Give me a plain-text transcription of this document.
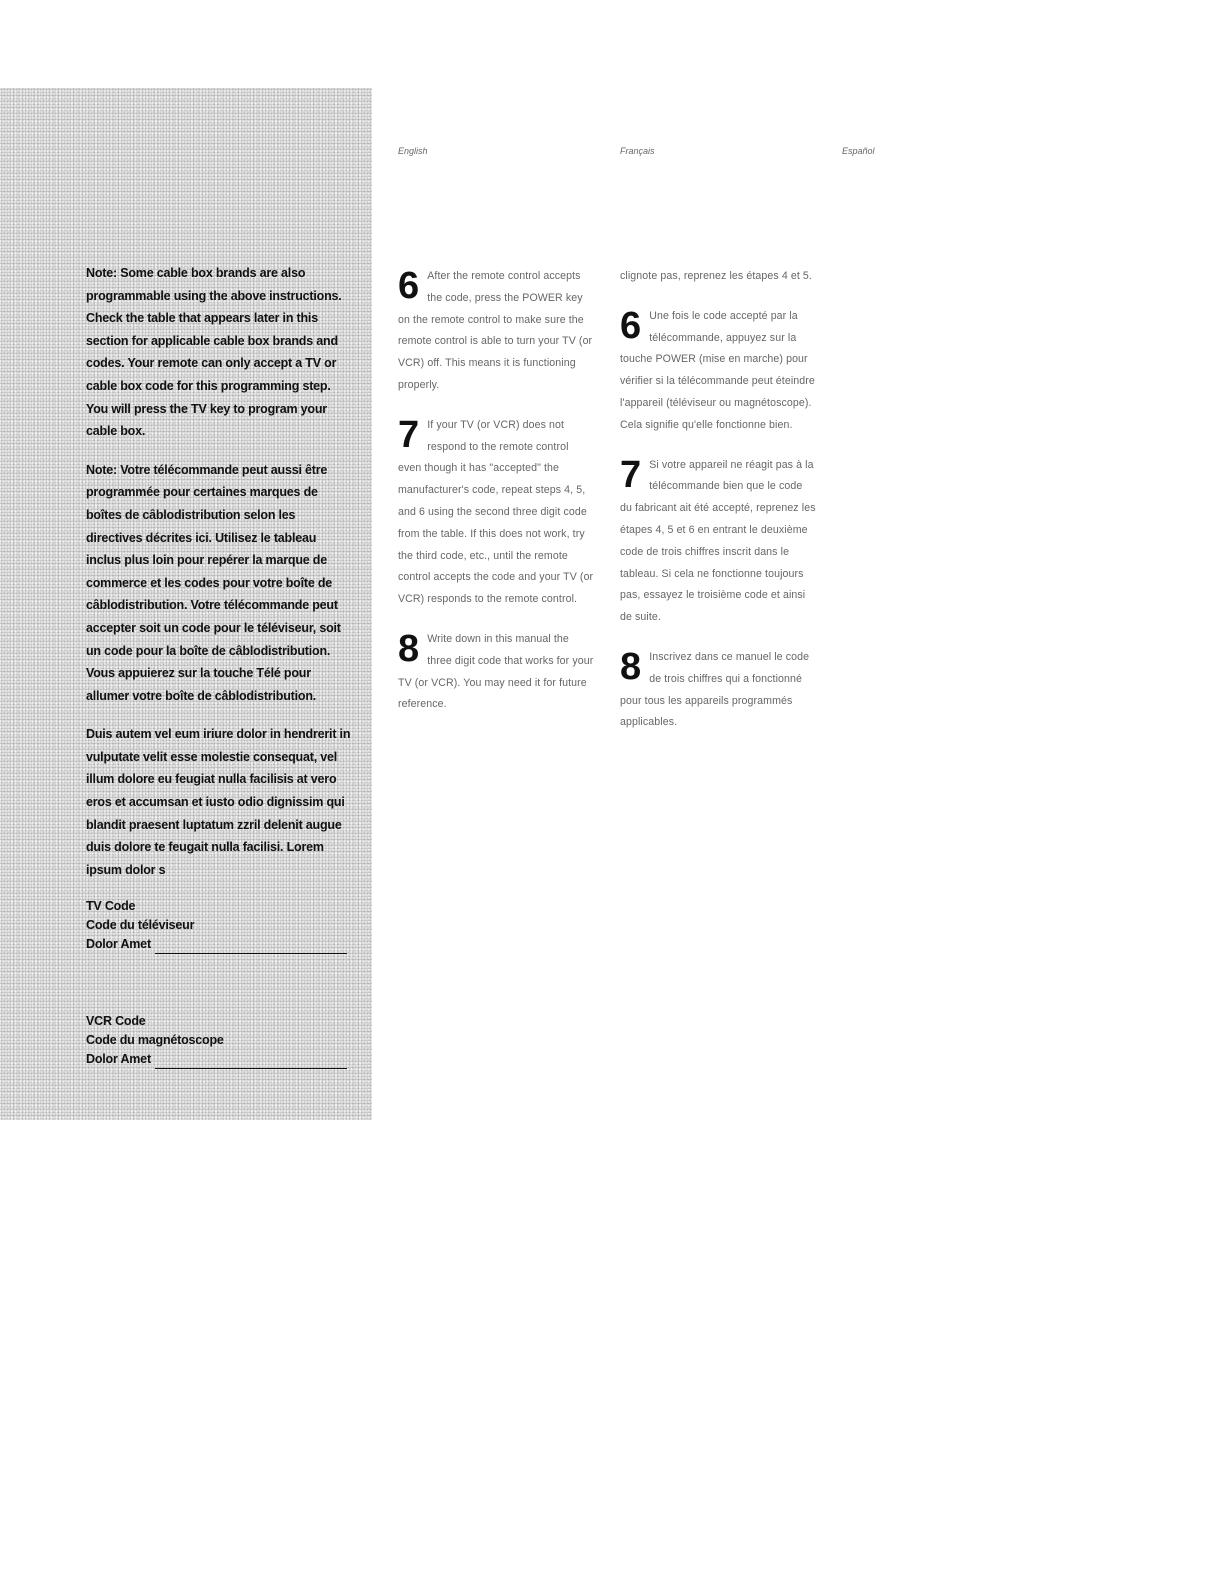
Note: Some cable box brands are also programmable using the above instructions. Check the table that appears later in this section for applicable cable box brands and codes. Your remote can only accept a TV or cable box code for this programming step. You will press the TV key to program your cable box.

Note: Votre télécommande peut aussi être programmée pour certaines marques de boîtes de câblodistribution selon les directives décrites ici. Utilisez le tableau inclus plus loin pour repérer la marque de commerce et les codes pour votre boîte de câblodistribution. Votre télécommande peut accepter soit un code pour le téléviseur, soit un code pour la boîte de câblodistribution. Vous appuierez sur la touche Télé pour allumer votre boîte de câblodistribution.

Duis autem vel eum iriure dolor in hendrerit in vulputate velit esse molestie consequat, vel illum dolore eu feugiat nulla facilisis at vero eros et accumsan et iusto odio dignissim qui blandit praesent luptatum zzril delenit augue duis dolore te feugait nulla facilisi. Lorem ipsum dolor s

TV Code
Code du téléviseur
Dolor Amet
VCR Code
Code du magnétoscope
Dolor Amet
English	Français	Español
6 After the remote control accepts the code, press the POWER key on the remote control to make sure the remote control is able to turn your TV (or VCR) off. This means it is functioning properly.
7 If your TV (or VCR) does not respond to the remote control even though it has "accepted" the manufacturer's code, repeat steps 4, 5, and 6 using the second three digit code from the table. If this does not work, try the third code, etc., until the remote control accepts the code and your TV (or VCR) responds to the remote control.
8 Write down in this manual the three digit code that works for your TV (or VCR). You may need it for future reference.
clignote pas, reprenez les étapes 4 et 5.
6 Une fois le code accepté par la télécommande, appuyez sur la touche POWER (mise en marche) pour vérifier si la télécommande peut éteindre l'appareil (téléviseur ou magnétoscope). Cela signifie qu'elle fonctionne bien.
7 Si votre appareil ne réagit pas à la télécommande bien que le code du fabricant ait été accepté, reprenez les étapes 4, 5 et 6 en entrant le deuxième code de trois chiffres inscrit dans le tableau. Si cela ne fonctionne toujours pas, essayez le troisième code et ainsi de suite.
8 Inscrivez dans ce manuel le code de trois chiffres qui a fonctionné pour tous les appareils programmés applicables.
